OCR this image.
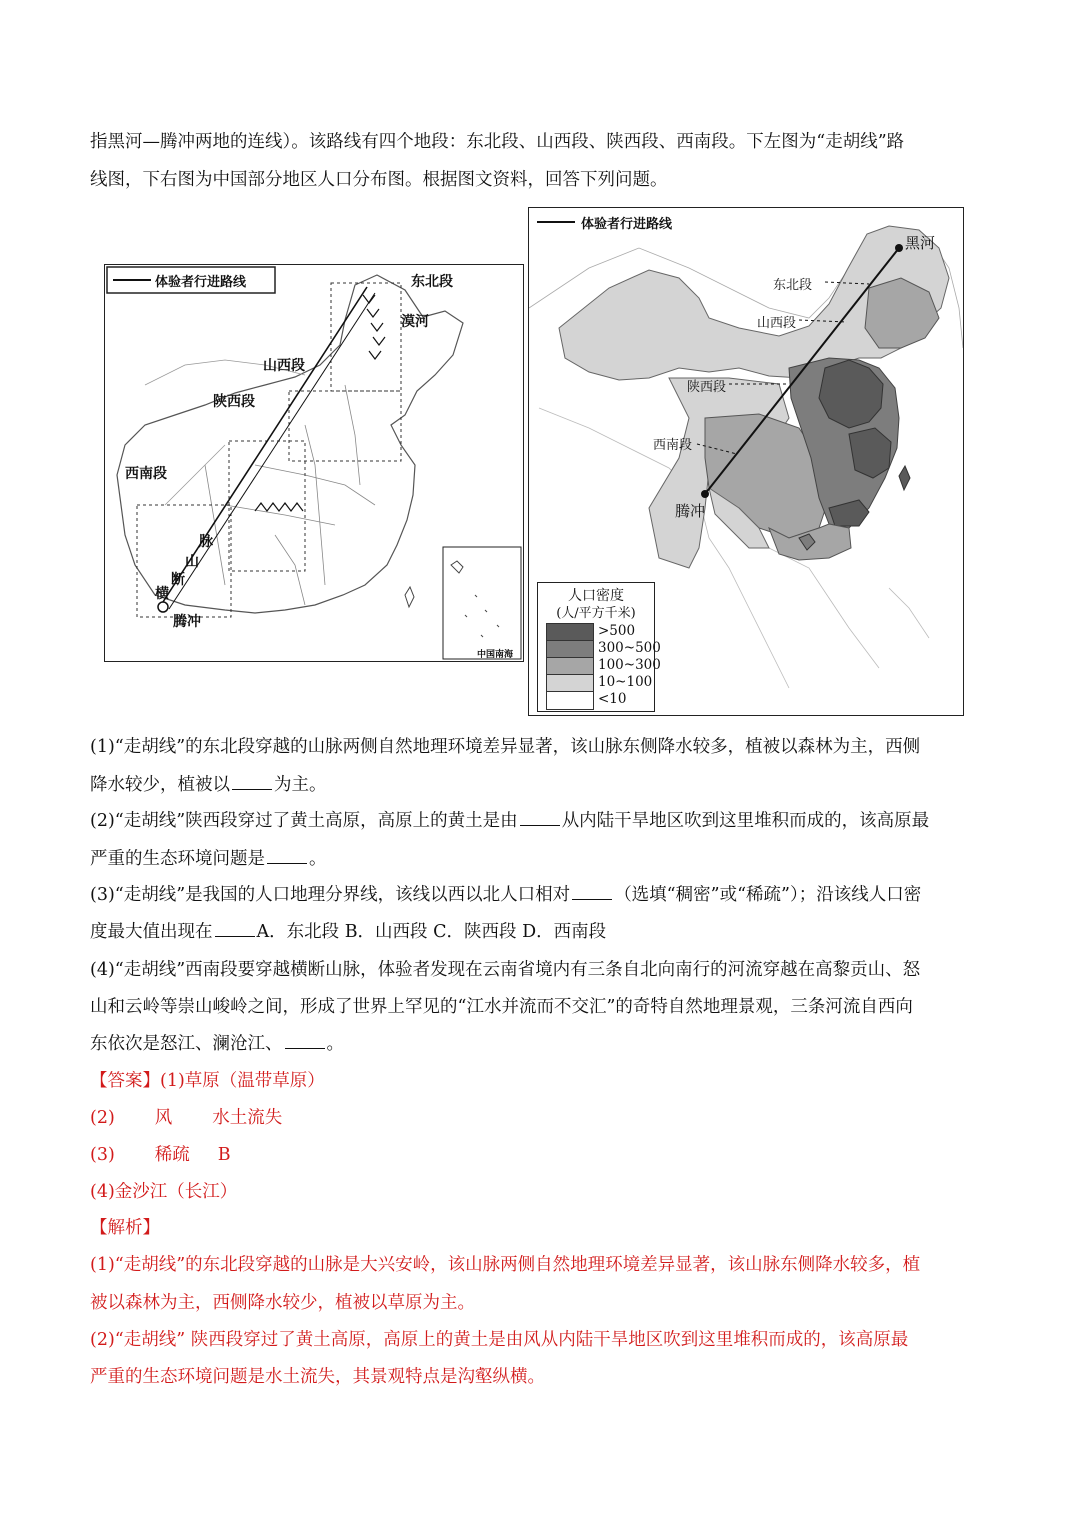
指黑河—腾冲两地的连线）。该路线有四个地段：东北段、山西段、陕西段、西南段。下左图为“走胡线”路
线图，下右图为中国部分地区人口分布图。根据图文资料，回答下列问题。
体验者行进路线	东北段
漠河
山西段
陕西段
西南段
脉
山
断
横
腾冲
中国南海
体验者行进路线
黑河
东北段
山西段
陕西段
西南段
腾冲
人口密度
(人/平方千米)
>500
300~500
100~300
10~100
<10
(1)“走胡线”的东北段穿越的山脉两侧自然地理环境差异显著，该山脉东侧降水较多，植被以森林为主，西侧
降水较少，植被以	为主。
(2)“走胡线”陕西段穿过了黄土高原，高原上的黄土是由	从内陆干旱地区吹到这里堆积而成的，该高原最
严重的生态环境问题是	。
(3)“走胡线”是我国的人口地理分界线，该线以西以北人口相对	（选填“稠密”或“稀疏”）；沿该线人口密
度最大值出现在	A．东北段 B．山西段 C．陕西段 D．西南段
(4)“走胡线”西南段要穿越横断山脉，体验者发现在云南省境内有三条自北向南行的河流穿越在高黎贡山、怒
山和云岭等崇山峻岭之间，形成了世界上罕见的“江水并流而不交汇”的奇特自然地理景观，三条河流自西向
东依次是怒江、澜沧江、	。
【答案】(1)草原（温带草原）
(2) 风 水土流失
(3) 稀疏 B
(4)金沙江（长江）
【解析】
(1)“走胡线”的东北段穿越的山脉是大兴安岭，该山脉两侧自然地理环境差异显著，该山脉东侧降水较多，植
被以森林为主，西侧降水较少，植被以草原为主。
(2)“走胡线” 陕西段穿过了黄土高原，高原上的黄土是由风从内陆干旱地区吹到这里堆积而成的，该高原最
严重的生态环境问题是水土流失，其景观特点是沟壑纵横。
